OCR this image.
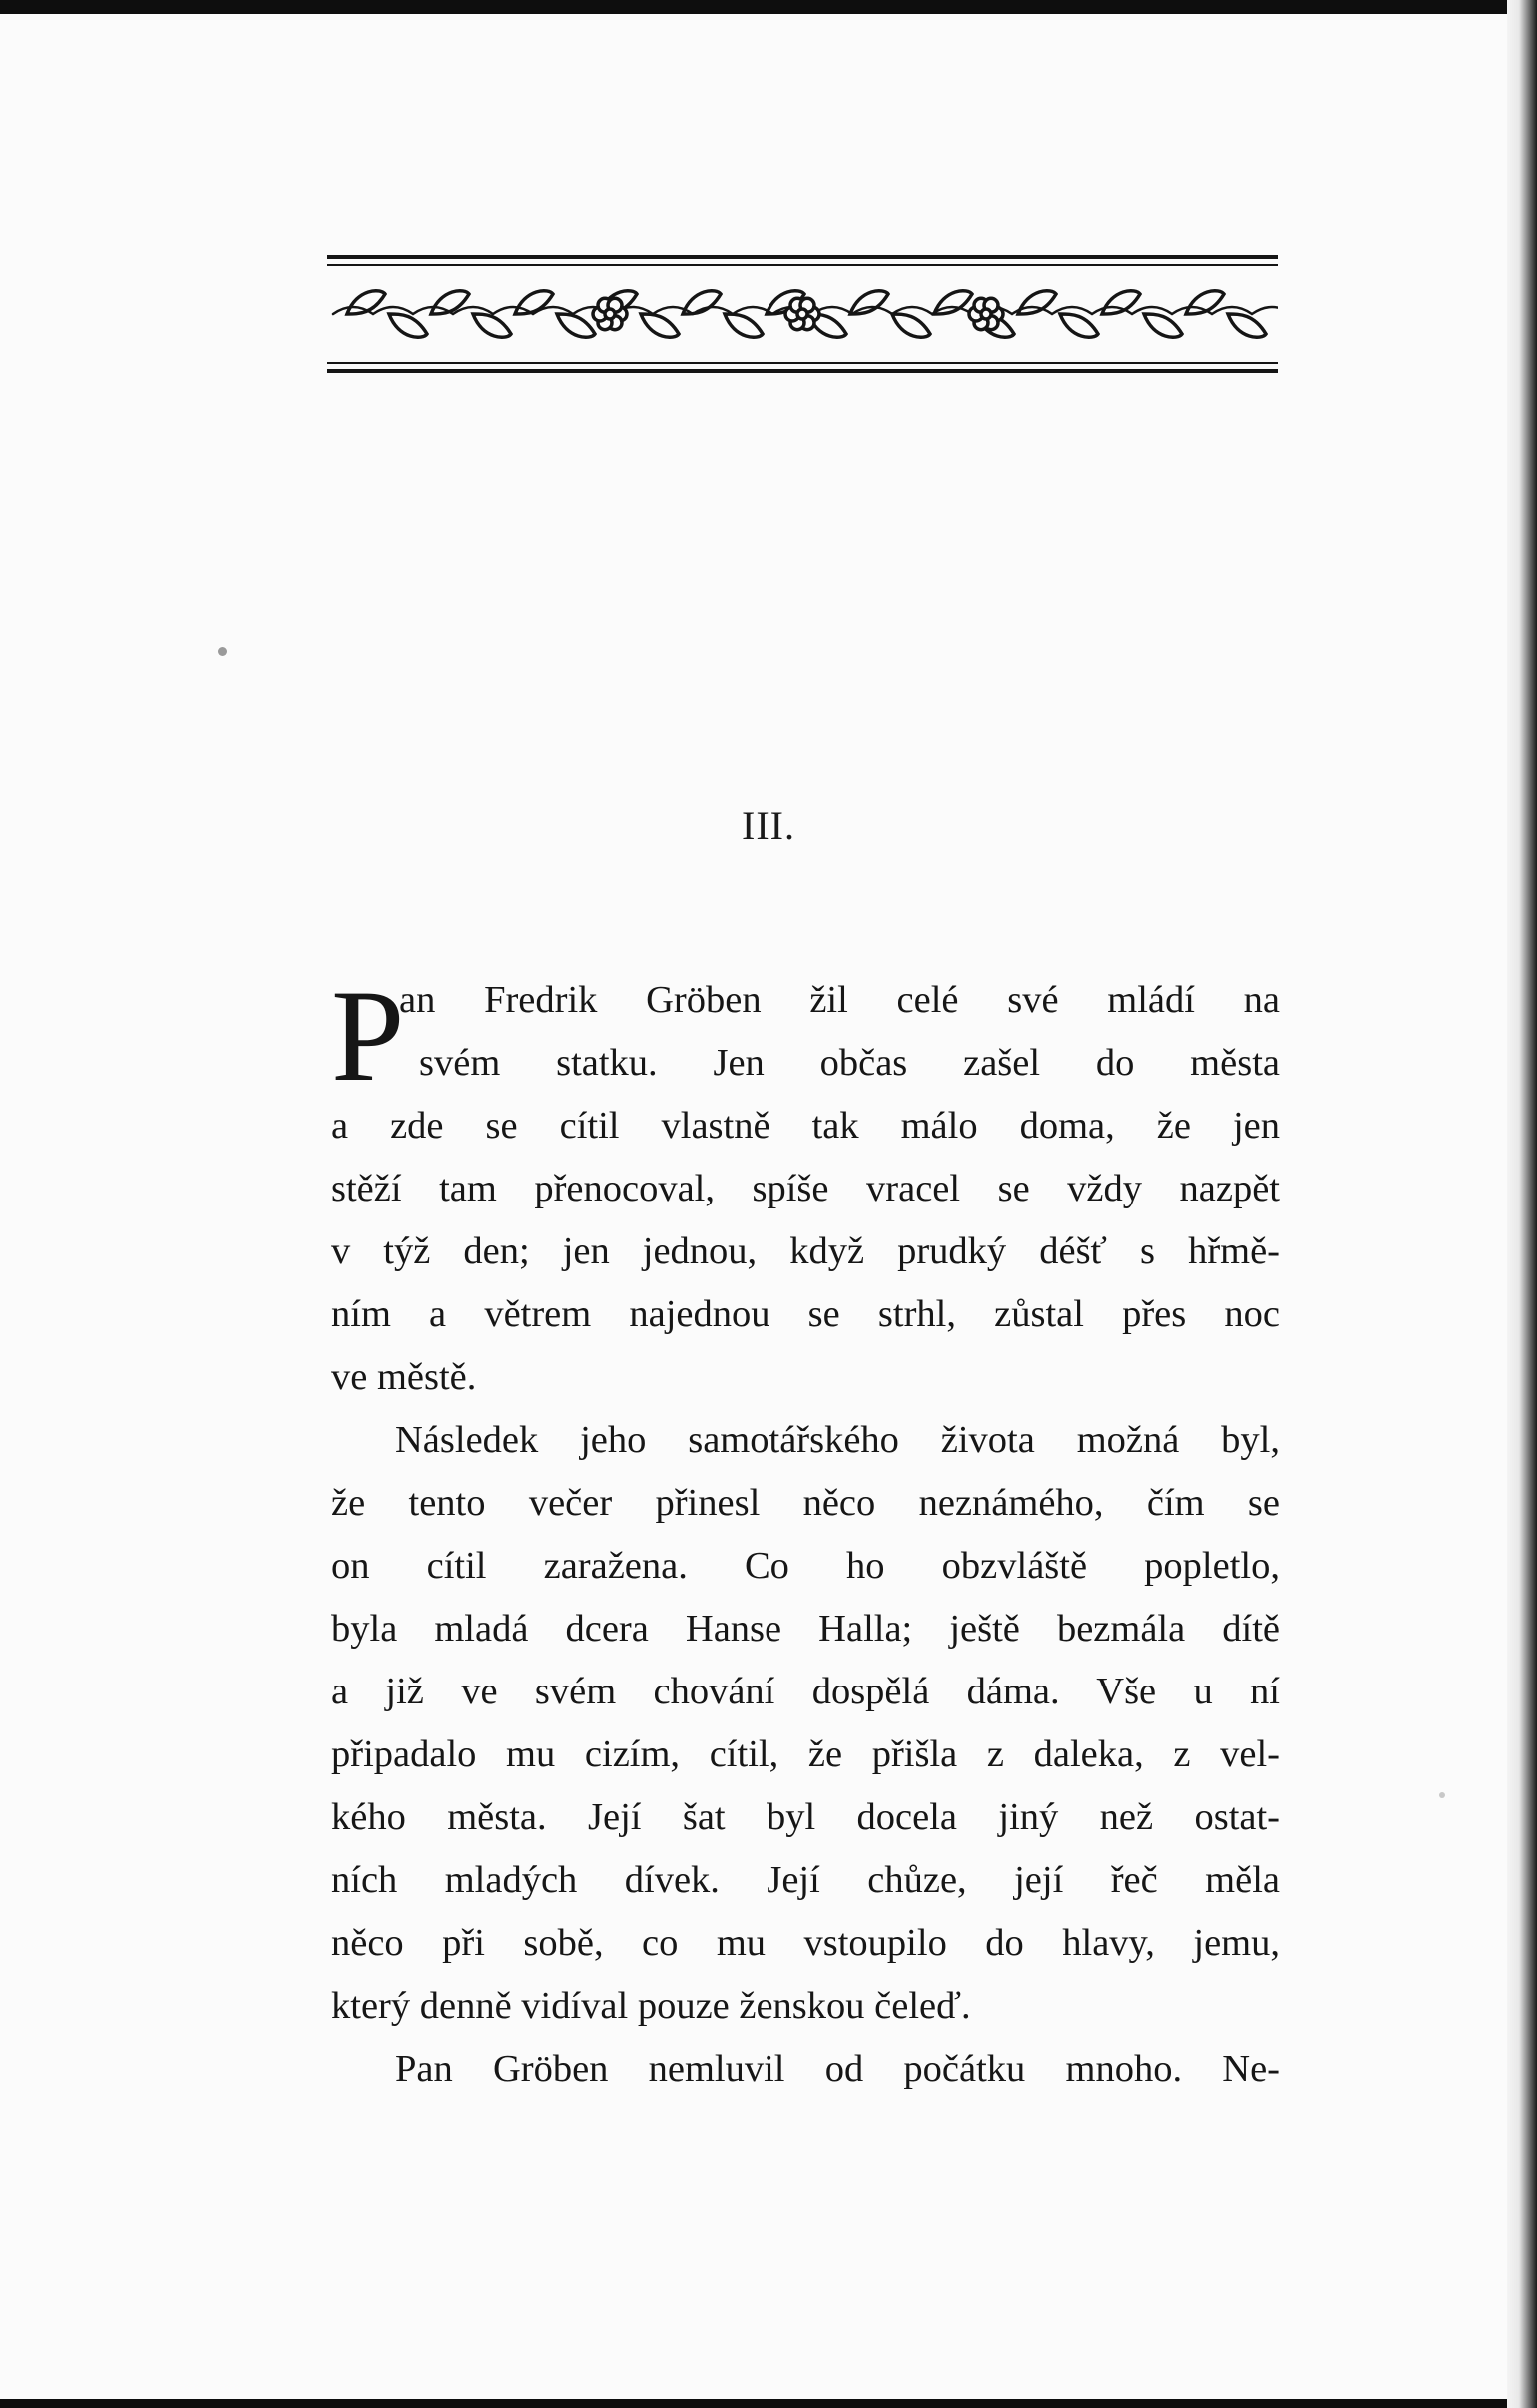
III.
P
an Fredrik Gröben žil celé své mládí na
svém statku. Jen občas zašel do města
a zde se cítil vlastně tak málo doma, že jen
stěží tam přenocoval, spíše vracel se vždy nazpět
v týž den; jen jednou, když prudký déšť s hřmě-
ním a větrem najednou se strhl, zůstal přes noc
ve městě.
Následek jeho samotářského života možná byl,
že tento večer přinesl něco neznámého, čím se
on cítil zaražena. Co ho obzvláště popletlo,
byla mladá dcera Hanse Halla; ještě bezmála dítě
a již ve svém chování dospělá dáma. Vše u ní
připadalo mu cizím, cítil, že přišla z daleka, z vel-
kého města. Její šat byl docela jiný než ostat-
ních mladých dívek. Její chůze, její řeč měla
něco při sobě, co mu vstoupilo do hlavy, jemu,
který denně vidíval pouze ženskou čeleď.
Pan Gröben nemluvil od počátku mnoho. Ne-
